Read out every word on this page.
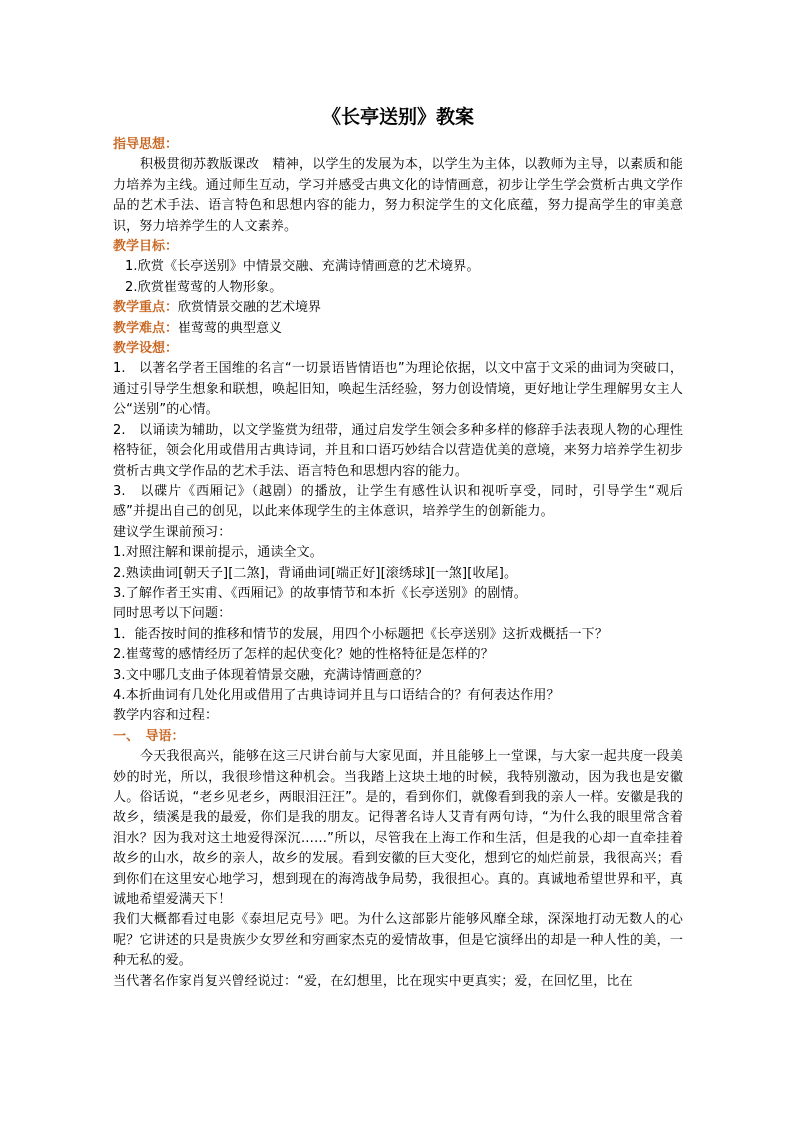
《长亭送别》教案
指导思想：
积极贯彻苏教版课改　精神，以学生的发展为本，以学生为主体，以教师为主导，以素质和能力培养为主线。通过师生互动，学习并感受古典文化的诗情画意，初步让学生学会赏析古典文学作品的艺术手法、语言特色和思想内容的能力，努力积淀学生的文化底蕴，努力提高学生的审美意识，努力培养学生的人文素养。
教学目标：
1.欣赏《长亭送别》中情景交融、充满诗情画意的艺术境界。
2.欣赏崔莺莺的人物形象。
教学重点：欣赏情景交融的艺术境界
教学难点：崔莺莺的典型意义
教学设想：
1.　以著名学者王国维的名言“一切景语皆情语也”为理论依据，以文中富于文采的曲词为突破口，通过引导学生想象和联想，唤起旧知，唤起生活经验，努力创设情境，更好地让学生理解男女主人公“送别”的心情。
2.　以诵读为辅助，以文学鉴赏为纽带，通过启发学生领会多种多样的修辞手法表现人物的心理性格特征，领会化用或借用古典诗词，并且和口语巧妙结合以营造优美的意境，来努力培养学生初步赏析古典文学作品的艺术手法、语言特色和思想内容的能力。
3.　以碟片《西厢记》（越剧）的播放，让学生有感性认识和视听享受，同时，引导学生“观后感”并提出自己的创见，以此来体现学生的主体意识，培养学生的创新能力。
建议学生课前预习：
1.对照注解和课前提示，通读全文。
2.熟读曲词[朝天子][二煞]，背诵曲词[端正好][滚绣球][一煞][收尾]。
3.了解作者王实甫、《西厢记》的故事情节和本折《长亭送别》的剧情。
同时思考以下问题：
1．能否按时间的推移和情节的发展，用四个小标题把《长亭送别》这折戏概括一下？
2.崔莺莺的感情经历了怎样的起伏变化？她的性格特征是怎样的？
3.文中哪几支曲子体现着情景交融，充满诗情画意的？
4.本折曲词有几处化用或借用了古典诗词并且与口语结合的？有何表达作用？
教学内容和过程：
一、　导语：
今天我很高兴，能够在这三尺讲台前与大家见面，并且能够上一堂课，与大家一起共度一段美妙的时光，所以，我很珍惜这种机会。当我踏上这块土地的时候，我特别激动，因为我也是安徽人。俗话说，“老乡见老乡，两眼泪汪汪”。是的，看到你们，就像看到我的亲人一样。安徽是我的故乡，绩溪是我的最爱，你们是我的朋友。记得著名诗人艾青有两句诗，“为什么我的眼里常含着泪水？因为我对这土地爱得深沉……”所以，尽管我在上海工作和生活，但是我的心却一直牵挂着故乡的山水，故乡的亲人，故乡的发展。看到安徽的巨大变化，想到它的灿烂前景，我很高兴；看到你们在这里安心地学习，想到现在的海湾战争局势，我很担心。真的。真诚地希望世界和平，真诚地希望爱满天下！
我们大概都看过电影《泰坦尼克号》吧。为什么这部影片能够风靡全球，深深地打动无数人的心呢？它讲述的只是贵族少女罗丝和穷画家杰克的爱情故事，但是它演绎出的却是一种人性的美，一种无私的爱。
当代著名作家肖复兴曾经说过：“爱，在幻想里，比在现实中更真实；爱，在回忆里，比在
